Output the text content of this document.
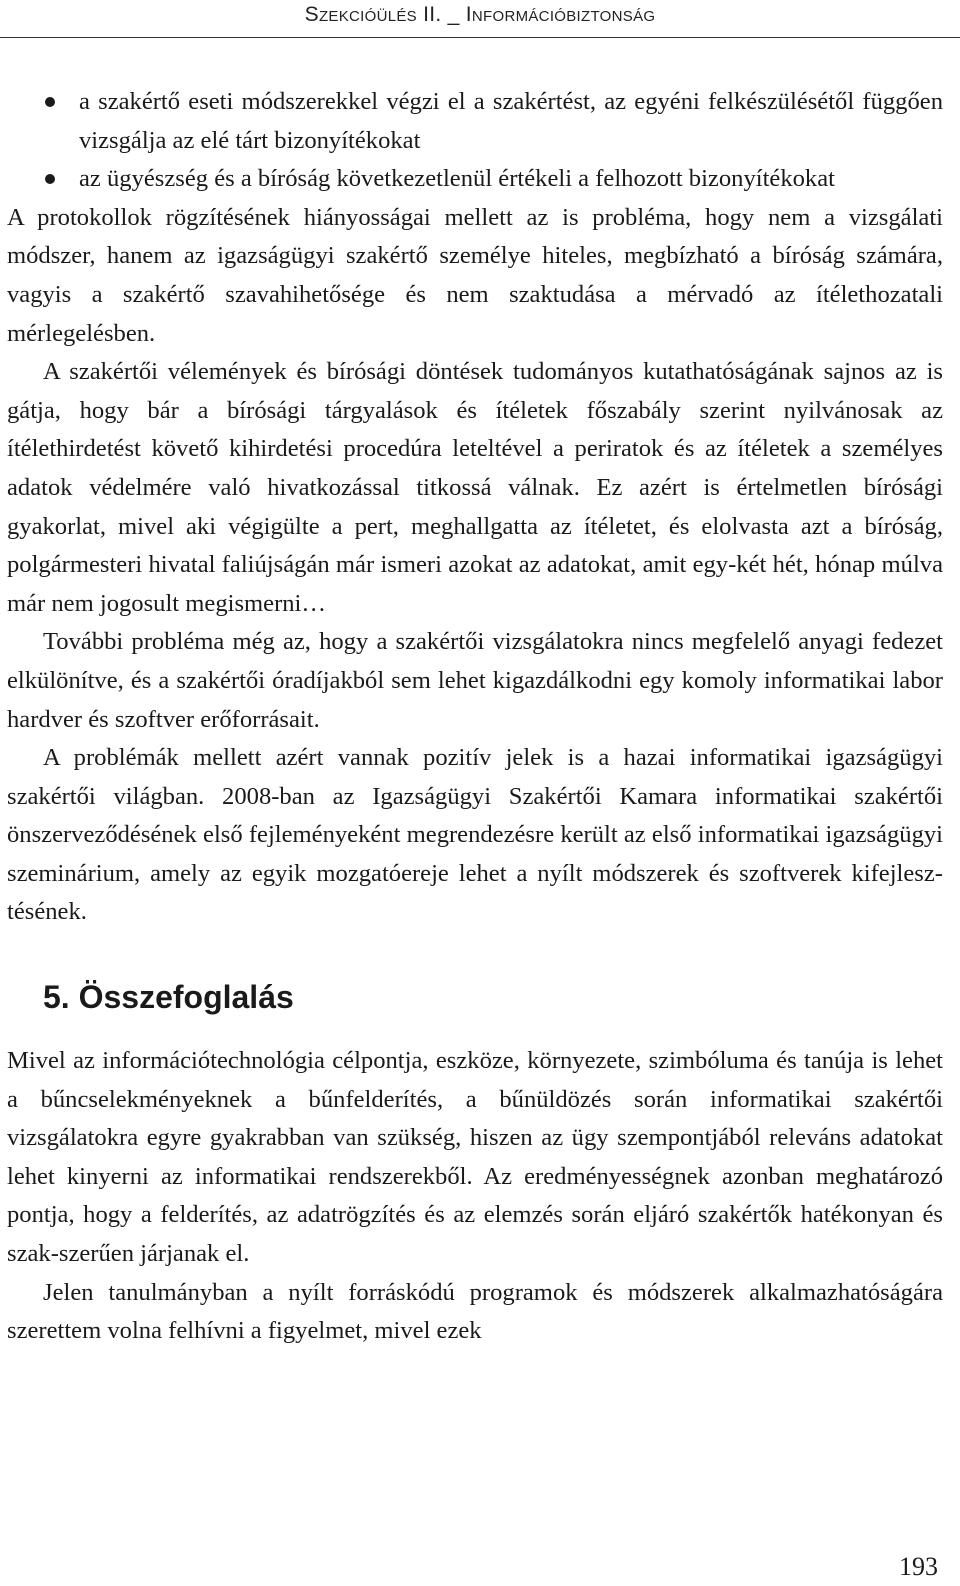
Szekcióülés II. _ Információbiztonság
a szakértő eseti módszerekkel végzi el a szakértést, az egyéni felkészülésétől függően vizsgálja az elé tárt bizonyítékokat
az ügyészség és a bíróság következetlenül értékeli a felhozott bizonyítékokat

A protokollok rögzítésének hiányosságai mellett az is probléma, hogy nem a vizsgálati módszer, hanem az igazságügyi szakértő személye hiteles, megbízható a bíróság számára, vagyis a szakértő szavahihetősége és nem szaktudása a mérvadó az ítélethozatali mérlegelésben.

A szakértői vélemények és bírósági döntések tudományos kutathatóságának sajnos az is gátja, hogy bár a bírósági tárgyalások és ítéletek főszabály szerint nyilvánosak az ítélethirdetést követő kihirdetési procedúra leteltével a periratok és az ítéletek a személyes adatok védelmére való hivatkozással titkossá válnak. Ez azért is értelmetlen bírósági gyakorlat, mivel aki végigülte a pert, meghallgatta az ítéletet, és elolvasta azt a bíróság, polgármesteri hivatal faliújságán már ismeri azokat az adatokat, amit egy-két hét, hónap múlva már nem jogosult megismerni…

További probléma még az, hogy a szakértői vizsgálatokra nincs megfelelő anyagi fedezet elkülönítve, és a szakértői óradíjakból sem lehet kigazdálkodni egy komoly informatikai labor hardver és szoftver erőforrásait.

A problémák mellett azért vannak pozitív jelek is a hazai informatikai igazságügyi szakértői világban. 2008-ban az Igazságügyi Szakértői Kamara informatikai szakértői önszerveződésének első fejleményeként megrendezésre került az első informatikai igazságügyi szeminárium, amely az egyik mozgatóereje lehet a nyílt módszerek és szoftverek kifejlesztésének.

5. Összefoglalás

Mivel az információtechnológia célpontja, eszköze, környezete, szimbóluma és tanúja is lehet a bűncselekményeknek a bűnfelderítés, a bűnüldözés során informatikai szakértői vizsgálatokra egyre gyakrabban van szükség, hiszen az ügy szempontjából releváns adatokat lehet kinyerni az informatikai rendszerekből. Az eredményességnek azonban meghatározó pontja, hogy a felderítés, az adatrögzítés és az elemzés során eljáró szakértők hatékonyan és szak-szerűen járjanak el.

Jelen tanulmányban a nyílt forráskódú programok és módszerek alkalmazhatóságára szerettem volna felhívni a figyelmet, mivel ezek

193
